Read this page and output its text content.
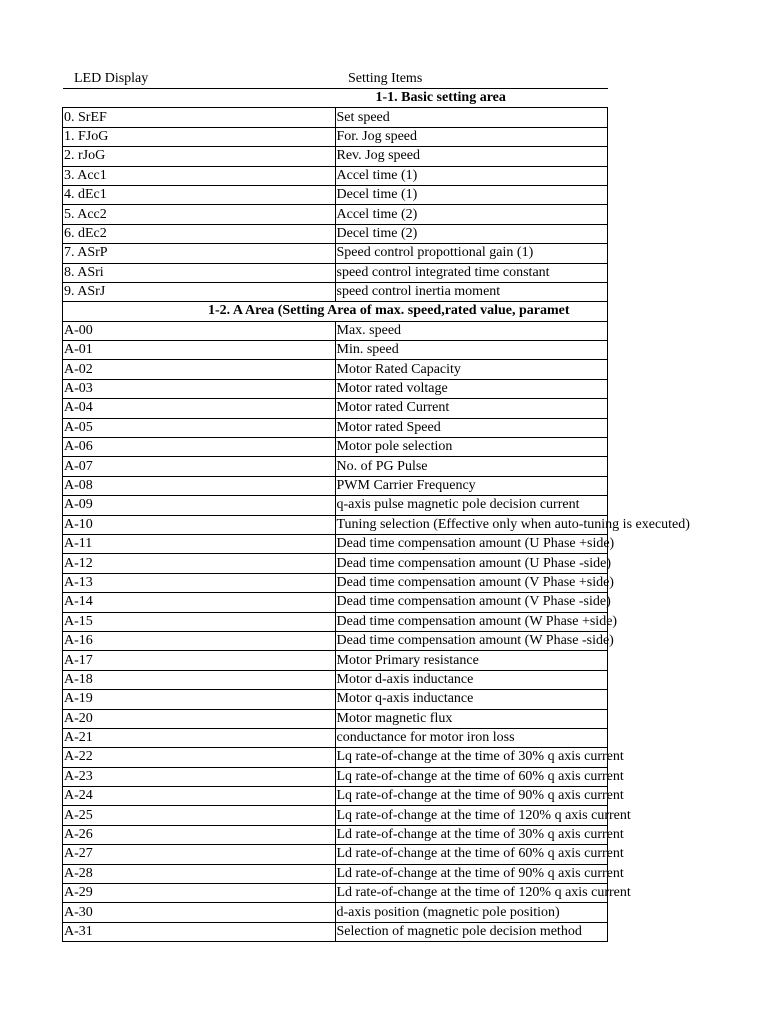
LED Display	Setting Items
1-1. Basic setting area	
0. SrEF	Set speed
1. FJoG	For. Jog speed
2. rJoG	Rev. Jog speed
3. Acc1	Accel time (1)
4. dEc1	Decel time (1)
5. Acc2	Accel time (2)
6. dEc2	Decel time (2)
7. ASrP	Speed control propottional gain (1)
8. ASri	speed control integrated time constant
9. ASrJ	speed control inertia moment
1-2. A Area (Setting Area of max. speed,rated value, paramet	
A-00	Max. speed
A-01	Min. speed
A-02	Motor Rated Capacity
A-03	Motor rated voltage
A-04	Motor rated Current
A-05	Motor rated Speed
A-06	Motor pole selection
A-07	No. of PG Pulse
A-08	PWM Carrier Frequency
A-09	q-axis pulse magnetic pole decision current
A-10	Tuning selection (Effective only when auto-tuning is executed)
A-11	Dead time compensation amount (U Phase +side)
A-12	Dead time compensation amount (U Phase -side)
A-13	Dead time compensation amount (V Phase +side)
A-14	Dead time compensation amount (V Phase -side)
A-15	Dead time compensation amount (W Phase +side)
A-16	Dead time compensation amount (W Phase -side)
A-17	Motor Primary resistance
A-18	Motor d-axis inductance
A-19	Motor q-axis inductance
A-20	Motor magnetic flux
A-21	conductance for motor iron loss
A-22	Lq rate-of-change at the time of 30% q axis current
A-23	Lq rate-of-change at the time of 60% q axis current
A-24	Lq rate-of-change at the time of 90% q axis current
A-25	Lq rate-of-change at the time of 120% q axis current
A-26	Ld rate-of-change at the time of 30% q axis current
A-27	Ld rate-of-change at the time of 60% q axis current
A-28	Ld rate-of-change at the time of 90% q axis current
A-29	Ld rate-of-change at the time of 120% q axis current
A-30	d-axis position (magnetic pole position)
A-31	Selection of magnetic pole decision method
